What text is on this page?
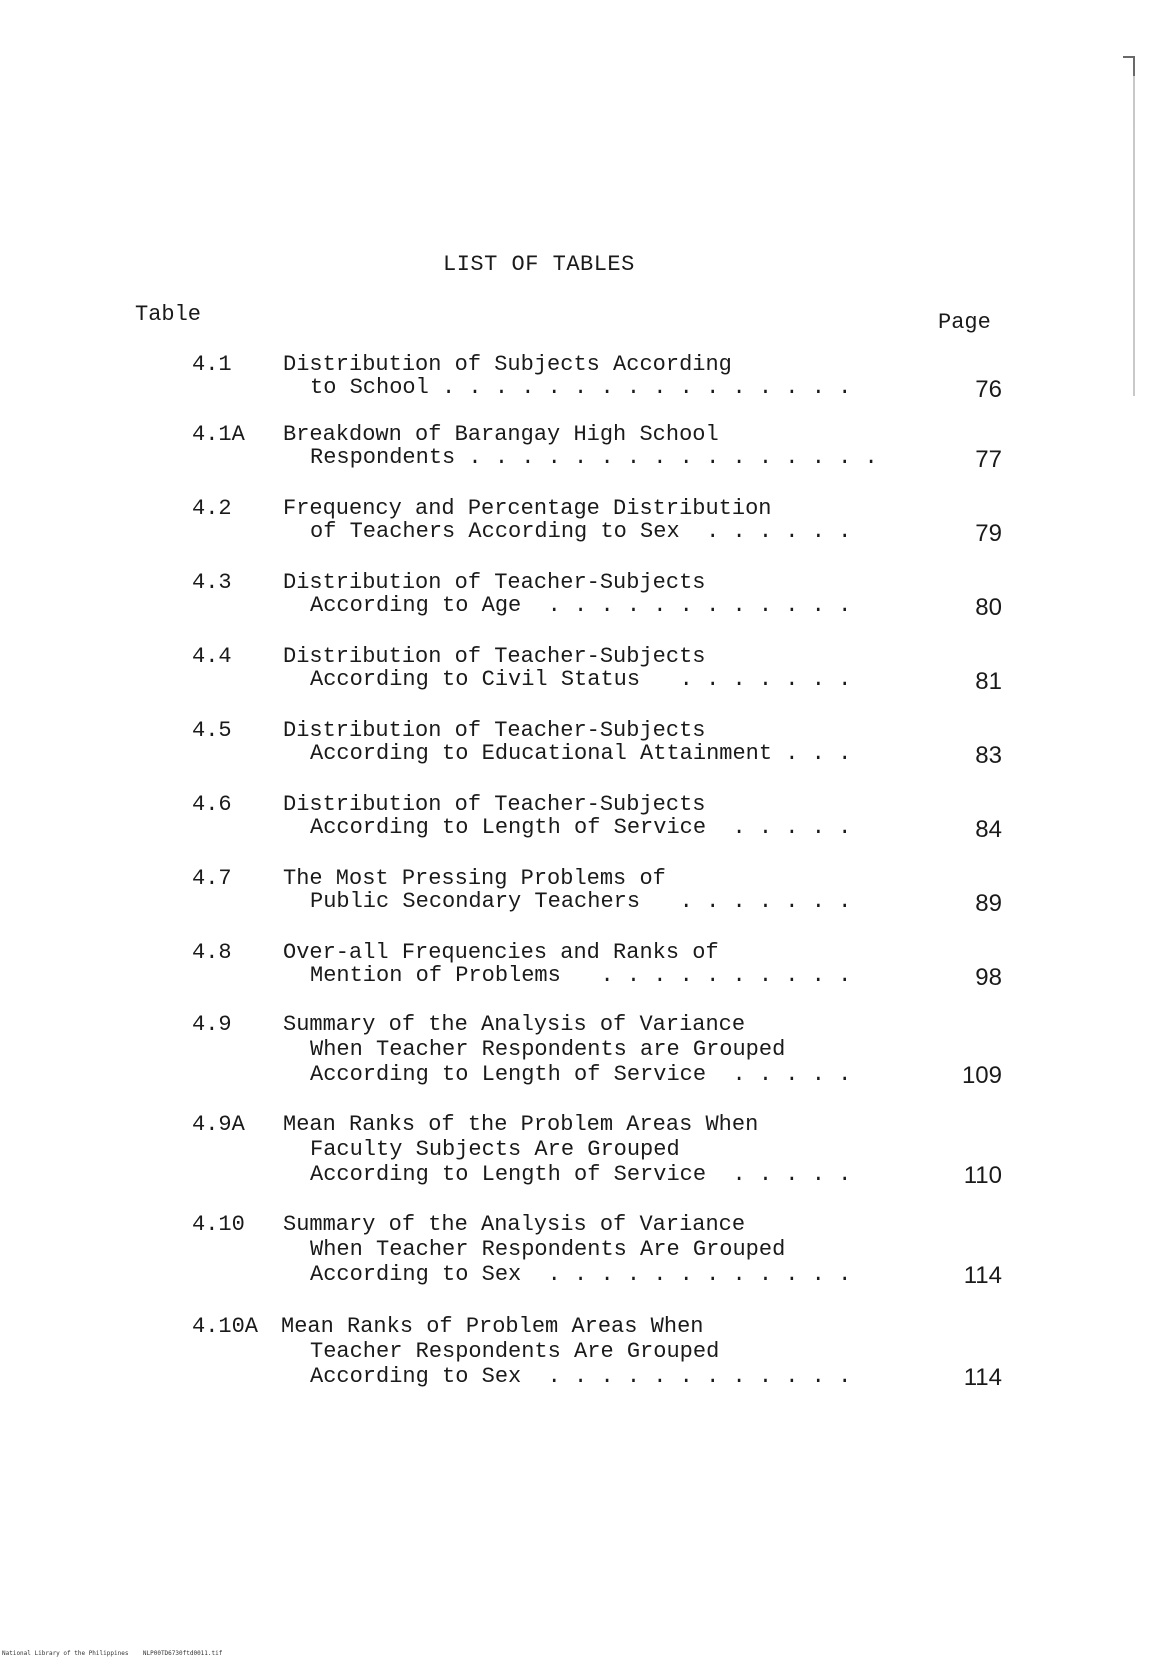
LIST OF TABLES
Table	Page
4.1 Distribution of Subjects According
to School . . . . . . . . . . . . . . . .	76
4.1A Breakdown of Barangay High School
Respondents . . . . . . . . . . . . . . . .	77
4.2 Frequency and Percentage Distribution
of Teachers According to Sex  . . . . . .	79
4.3 Distribution of Teacher-Subjects
According to Age  . . . . . . . . . . . .	80
4.4 Distribution of Teacher-Subjects
According to Civil Status   . . . . . . .	81
4.5 Distribution of Teacher-Subjects
According to Educational Attainment . . .	83
4.6 Distribution of Teacher-Subjects
According to Length of Service  . . . . .	84
4.7 The Most Pressing Problems of
Public Secondary Teachers   . . . . . . .	89
4.8 Over-all Frequencies and Ranks of
Mention of Problems   . . . . . . . . . .	98
4.9 Summary of the Analysis of Variance
When Teacher Respondents are Grouped
According to Length of Service  . . . . .	109
4.9A Mean Ranks of the Problem Areas When
Faculty Subjects Are Grouped
According to Length of Service  . . . . .	110
4.10 Summary of the Analysis of Variance
When Teacher Respondents Are Grouped
According to Sex  . . . . . . . . . . . .	114
4.10A Mean Ranks of Problem Areas When
Teacher Respondents Are Grouped
According to Sex  . . . . . . . . . . . .	114
National Library of the Philippines    NLP00TD6730ftd0011.tif
